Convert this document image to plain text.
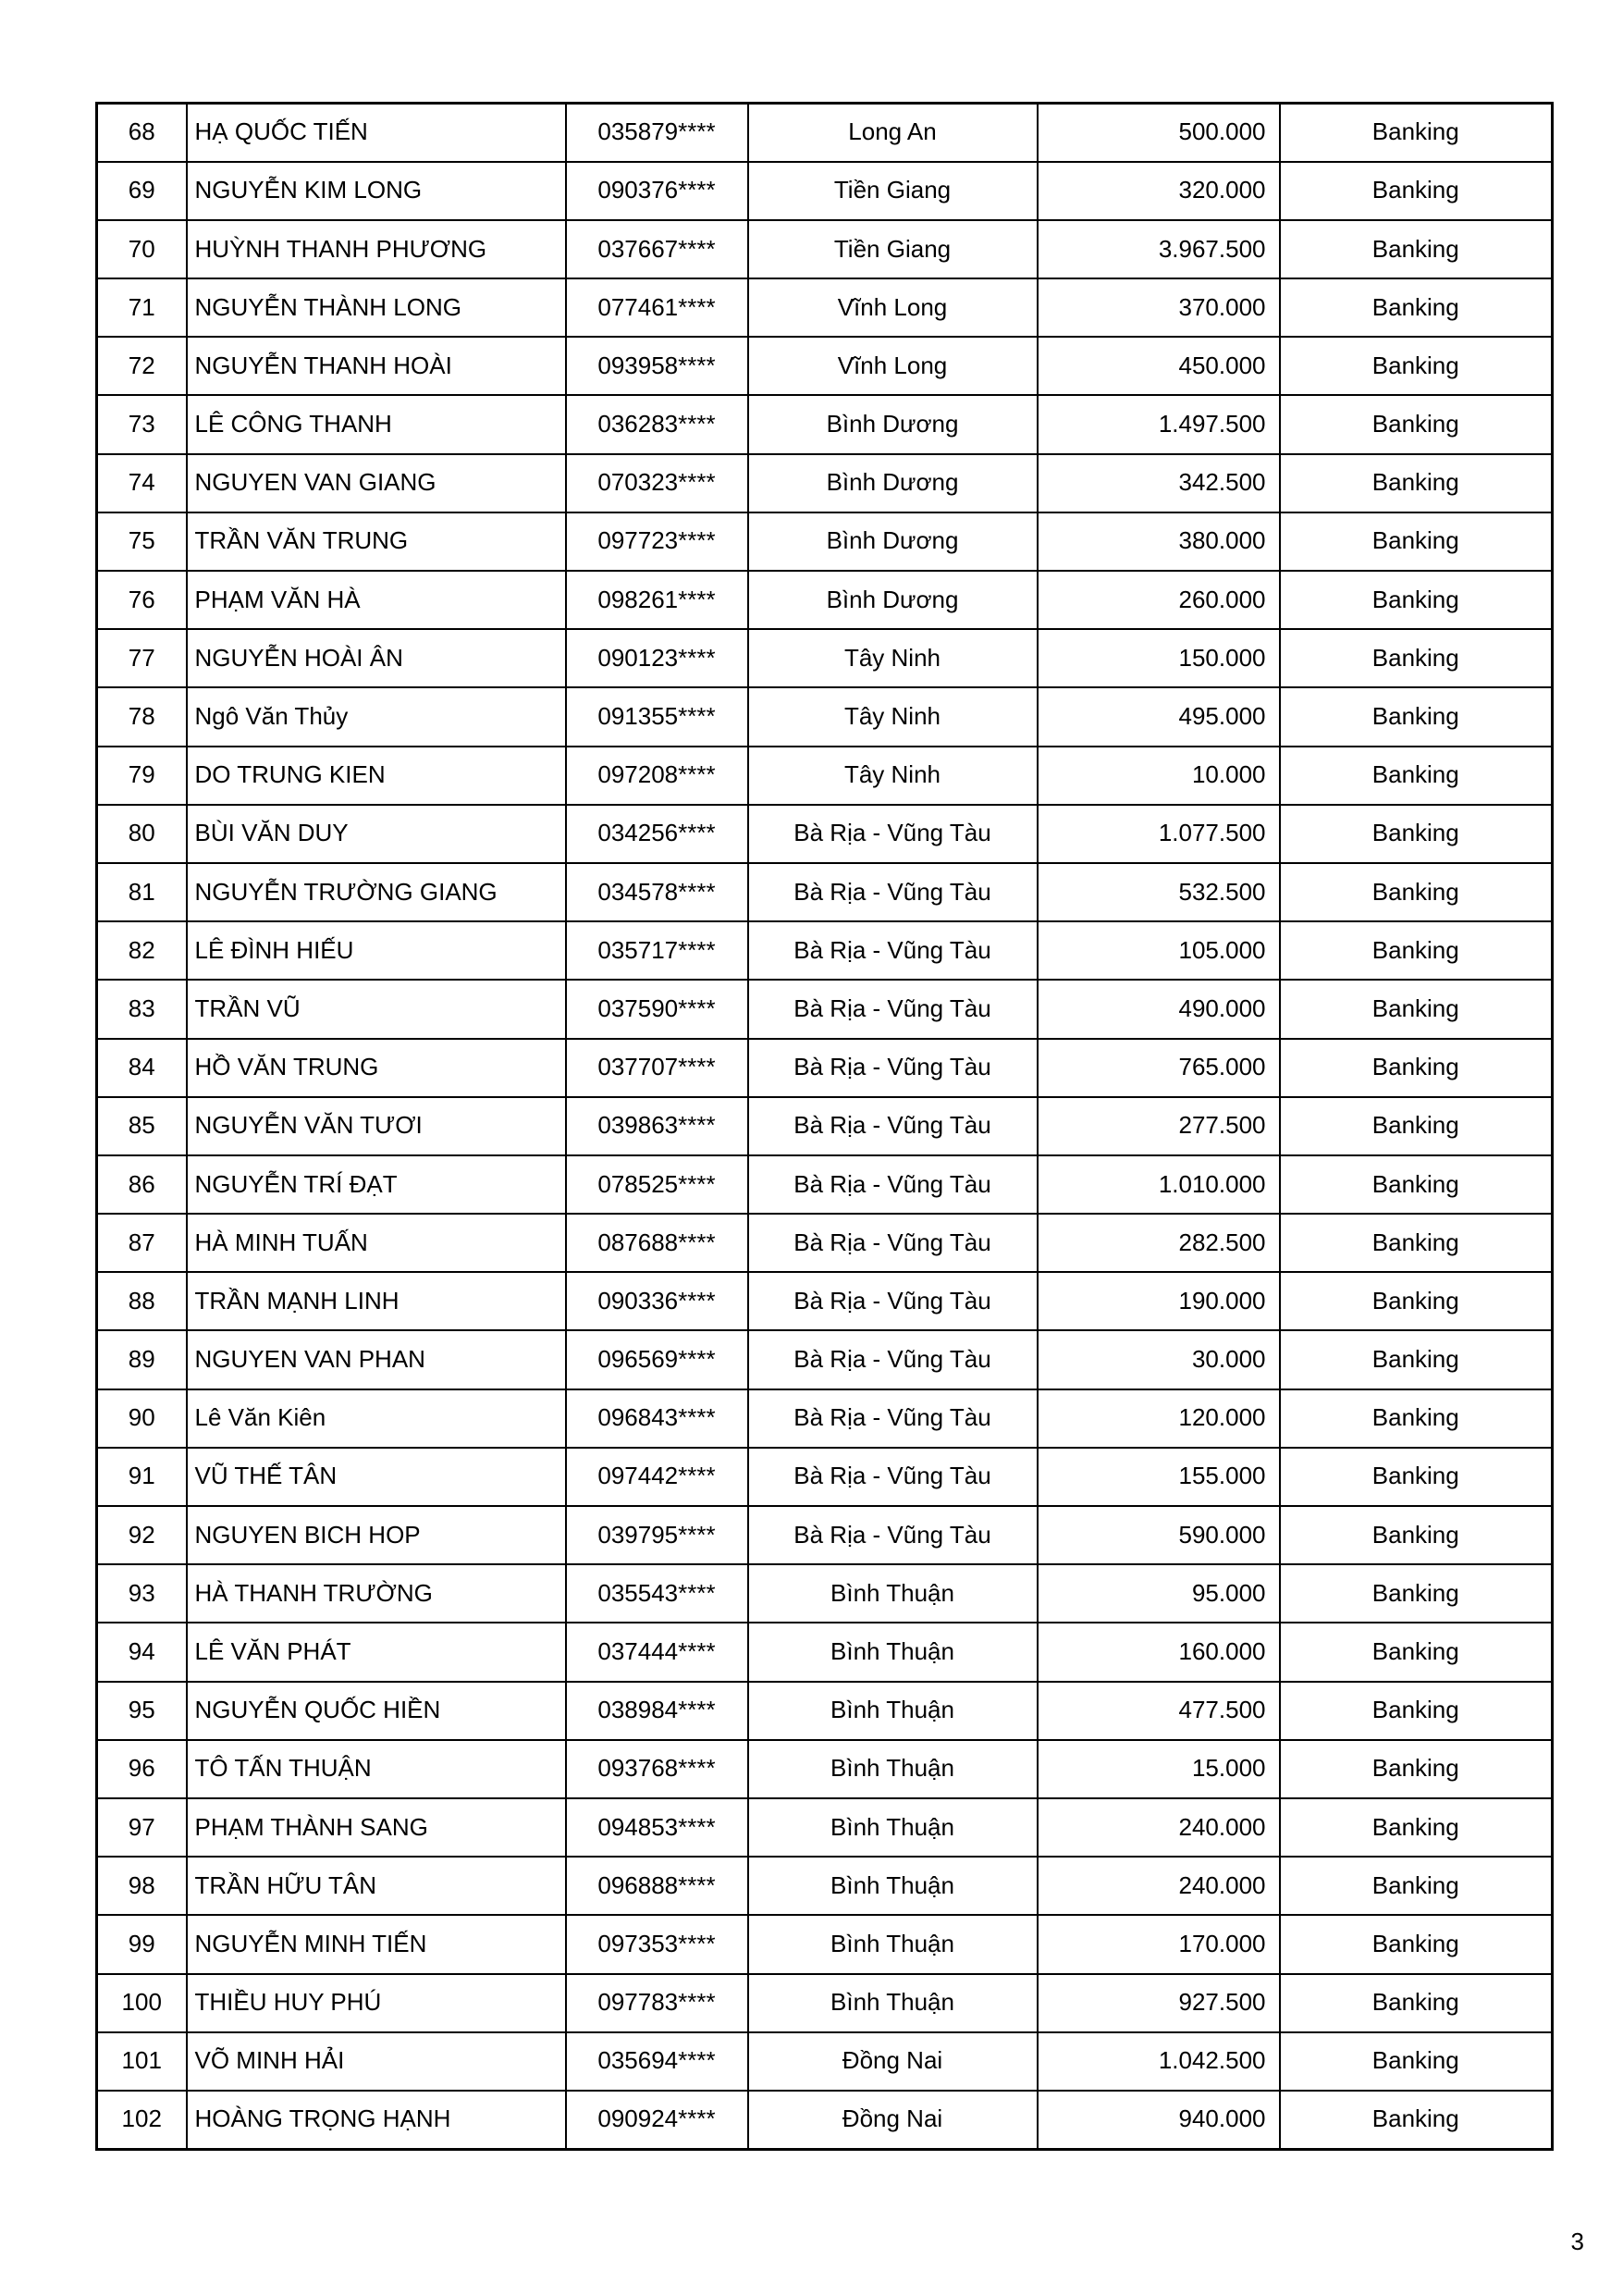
68	HẠ QUỐC TIẾN	035879****	Long An	500.000	Banking
69	NGUYỄN KIM LONG	090376****	Tiền Giang	320.000	Banking
70	HUỲNH THANH PHƯƠNG	037667****	Tiền Giang	3.967.500	Banking
71	NGUYỄN THÀNH LONG	077461****	Vĩnh Long	370.000	Banking
72	NGUYỄN THANH HOÀI	093958****	Vĩnh Long	450.000	Banking
73	LÊ CÔNG THANH	036283****	Bình Dương	1.497.500	Banking
74	NGUYEN VAN GIANG	070323****	Bình Dương	342.500	Banking
75	TRẦN VĂN TRUNG	097723****	Bình Dương	380.000	Banking
76	PHẠM VĂN HÀ	098261****	Bình Dương	260.000	Banking
77	NGUYỄN HOÀI ÂN	090123****	Tây Ninh	150.000	Banking
78	Ngô Văn Thủy	091355****	Tây Ninh	495.000	Banking
79	DO TRUNG KIEN	097208****	Tây Ninh	10.000	Banking
80	BÙI VĂN DUY	034256****	Bà Rịa - Vũng Tàu	1.077.500	Banking
81	NGUYỄN TRƯỜNG GIANG	034578****	Bà Rịa - Vũng Tàu	532.500	Banking
82	LÊ ĐÌNH HIẾU	035717****	Bà Rịa - Vũng Tàu	105.000	Banking
83	TRẦN VŨ	037590****	Bà Rịa - Vũng Tàu	490.000	Banking
84	HỒ VĂN TRUNG	037707****	Bà Rịa - Vũng Tàu	765.000	Banking
85	NGUYỄN VĂN TƯƠI	039863****	Bà Rịa - Vũng Tàu	277.500	Banking
86	NGUYỄN TRÍ ĐẠT	078525****	Bà Rịa - Vũng Tàu	1.010.000	Banking
87	HÀ MINH TUẤN	087688****	Bà Rịa - Vũng Tàu	282.500	Banking
88	TRẦN MẠNH LINH	090336****	Bà Rịa - Vũng Tàu	190.000	Banking
89	NGUYEN VAN PHAN	096569****	Bà Rịa - Vũng Tàu	30.000	Banking
90	Lê Văn Kiên	096843****	Bà Rịa - Vũng Tàu	120.000	Banking
91	VŨ THẾ TÂN	097442****	Bà Rịa - Vũng Tàu	155.000	Banking
92	NGUYEN BICH HOP	039795****	Bà Rịa - Vũng Tàu	590.000	Banking
93	HÀ THANH TRƯỜNG	035543****	Bình Thuận	95.000	Banking
94	LÊ VĂN PHÁT	037444****	Bình Thuận	160.000	Banking
95	NGUYỄN QUỐC HIỀN	038984****	Bình Thuận	477.500	Banking
96	TÔ TẤN THUẬN	093768****	Bình Thuận	15.000	Banking
97	PHẠM THÀNH SANG	094853****	Bình Thuận	240.000	Banking
98	TRẦN HỮU TÂN	096888****	Bình Thuận	240.000	Banking
99	NGUYỄN MINH TIẾN	097353****	Bình Thuận	170.000	Banking
100	THIỀU HUY PHÚ	097783****	Bình Thuận	927.500	Banking
101	VÕ MINH HẢI	035694****	Đồng Nai	1.042.500	Banking
102	HOÀNG TRỌNG HẠNH	090924****	Đồng Nai	940.000	Banking
3
